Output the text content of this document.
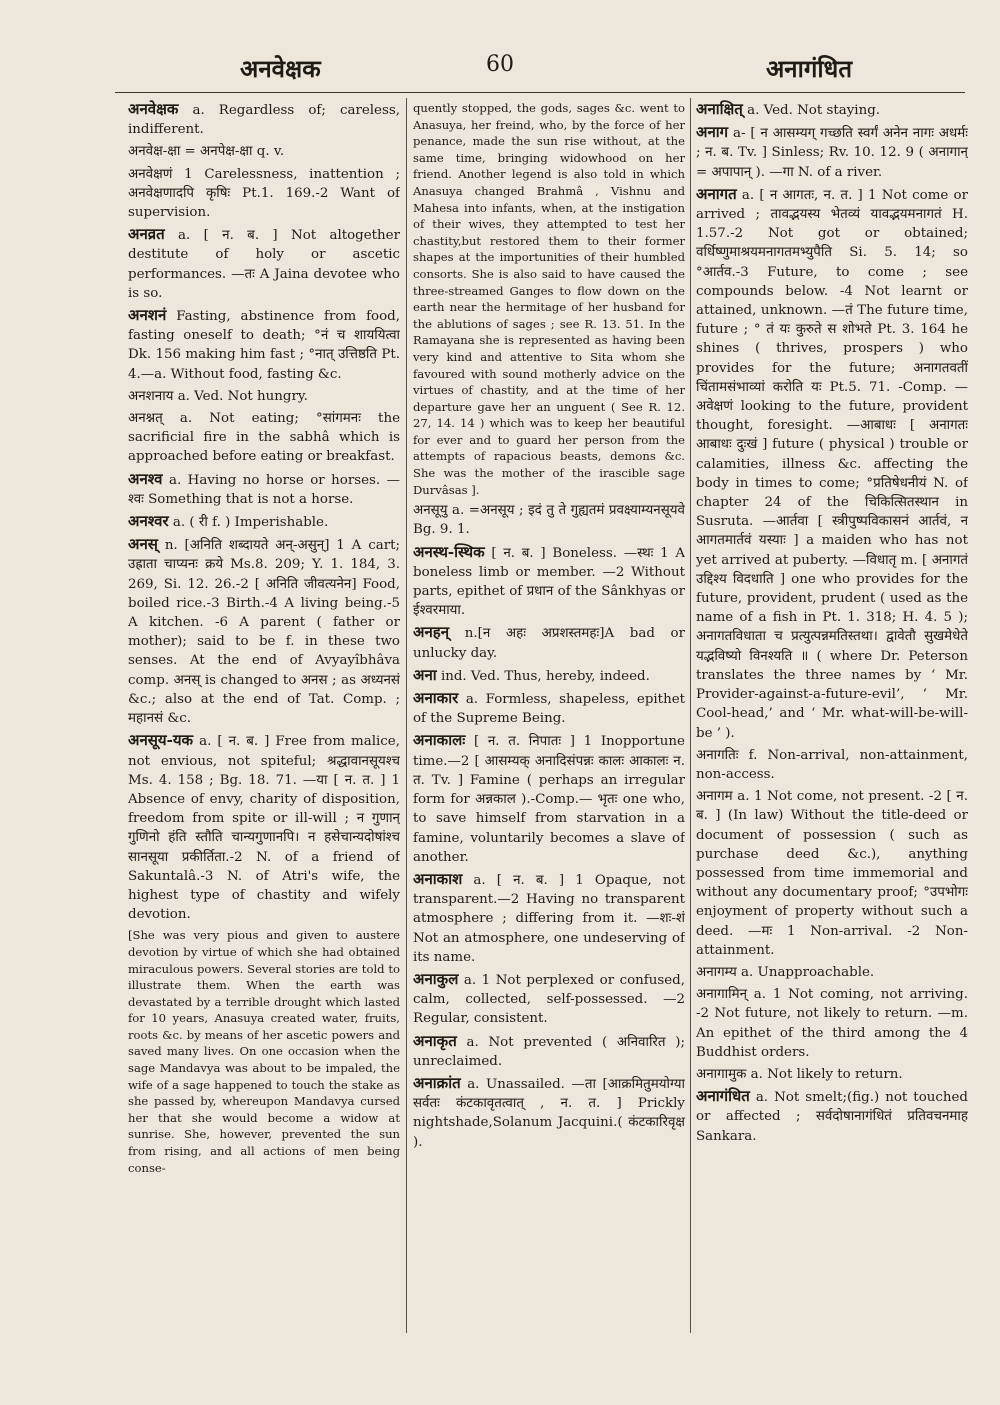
अनवेक्षक	60	अनागंधित

अनवेक्षक a. Regardless of; careless, indifferent.

अनवेक्ष-क्षा = अनपेक्ष-क्षा q. v.

अनवेक्षणं 1 Carelessness, inattention ; अनवेक्षणादपि कृषिः Pt.1. 169.-2 Want of supervision.

अनव्रत a. [ न. ब. ] Not altogether destitute of holy or ascetic performances. —तः A Jaina devotee who is so.

अनशनं Fasting, abstinence from food, fasting oneself to death; °नं च शाययित्वा Dk. 156 making him fast ; °नात् उत्तिष्ठति Pt. 4.—a. Without food, fasting &c.

अनशनाय a. Ved. Not hungry.

अनश्नत् a. Not eating; °सांगमनः the sacrificial fire in the sabhâ which is approached before eating or breakfast.

अनश्व a. Having no horse or horses. —श्वः Something that is not a horse.

अनश्वर a. ( री f. ) Imperishable.

अनस् n. [अनिति शब्दायते अन्-असुन्] 1 A cart; उह्राता चाप्यनः क्रये Ms.8. 209; Y. 1. 184, 3. 269, Si. 12. 26.-2 [ अनिति जीवत्यनेन] Food, boiled rice.-3 Birth.-4 A living being.-5 A kitchen. -6 A parent ( father or mother); said to be f. in these two senses. At the end of Avyayîbhâva comp. अनस् is changed to अनस ; as अध्यनसं &c.; also at the end of Tat. Comp. ; महानसं &c.

अनसूय-यक a. [ न. ब. ] Free from malice, not envious, not spiteful; श्रद्धावानसूयश्च Ms. 4. 158 ; Bg. 18. 71. —या [ न. त. ] 1 Absence of envy, charity of disposition, freedom from spite or ill-will ; न गुणान् गुणिनो हंति स्तौति चान्यगुणानपि। न हसेचान्यदोषांश्च सानसूया प्रकीर्तिता.-2 N. of a friend of Sakuntalâ.-3 N. of Atri's wife, the highest type of chastity and wifely devotion.

[She was very pious and given to austere devotion by virtue of which she had obtained miraculous powers. Several stories are told to illustrate them. When the earth was devastated by a terrible drought which lasted for 10 years, Anasuya created water, fruits, roots &c. by means of her ascetic powers and saved many lives. On one occasion when the sage Mandavya was about to be impaled, the wife of a sage happened to touch the stake as she passed by, whereupon Mandavya cursed her that she would become a widow at sunrise. She, however, prevented the sun from rising, and all actions of men being conse-

quently stopped, the gods, sages &c. went to Anasuya, her freind, who, by the force of her penance, made the sun rise without, at the same time, bringing widowhood on her friend. Another legend is also told in which Anasuya changed Brahmâ , Vishnu and Mahesa into infants, when, at the instigation of their wives, they attempted to test her chastity,but restored them to their former shapes at the importunities of their humbled consorts. She is also said to have caused the three-streamed Ganges to flow down on the earth near the hermitage of her husband for the ablutions of sages ; see R. 13. 51. In the Ramayana she is represented as having been very kind and attentive to Sita whom she favoured with sound motherly advice on the virtues of chastity, and at the time of her departure gave her an unguent ( See R. 12. 27, 14. 14 ) which was to keep her beautiful for ever and to guard her person from the attempts of rapacious beasts, demons &c. She was the mother of the irascible sage Durvâsas ].

अनसूयु a. =अनसूय ; इदं तु ते गुह्यतमं प्रवक्ष्याम्यनसूयवे Bg. 9. 1.

अनस्थ-स्थिक [ न. ब. ] Boneless. —स्थः 1 A boneless limb or member. —2 Without parts, epithet of प्रधान of the Sânkhyas or ईश्वरमाया.

अनहन् n.[न अहः अप्रशस्तमहः]A bad or unlucky day.

अना ind. Ved. Thus, hereby, indeed.

अनाकार a. Formless, shapeless, epithet of the Supreme Being.

अनाकालः [ न. त. निपातः ] 1 Inopportune time.—2 [ आसम्यक् अनादिसंपन्नः कालः आकालः न. त. Tv. ] Famine ( perhaps an irregular form for अन्नकाल ).-Comp.— भृतः one who, to save himself from starvation in a famine, voluntarily becomes a slave of another.

अनाकाश a. [ न. ब. ] 1 Opaque, not transparent.—2 Having no transparent atmosphere ; differing from it. —शः-शं Not an atmosphere, one undeserving of its name.

अनाकुल a. 1 Not perplexed or confused, calm, collected, self-possessed. —2 Regular, consistent.

अनाकृत a. Not prevented ( अनिवारित ); unreclaimed.

अनाक्रांत a. Unassailed. —ता [आक्रमितुमयोग्या सर्वतः कंटकावृतत्वात् , न. त. ] Prickly nightshade,Solanum Jacquini.( कंटकारिवृक्ष ).

अनाक्षित् a. Ved. Not staying.

अनाग a- [ न आसम्यग् गच्छति स्वर्गं अनेन नागः अधर्मः ; न. ब. Tv. ] Sinless; Rv. 10. 12. 9 ( अनागान् = अपापान् ). —गा N. of a river.

अनागत a. [ न आगतः, न. त. ] 1 Not come or arrived ; तावद्भयस्य भेतव्यं यावद्भयमनागतं H. 1.57.-2 Not got or obtained; वर्धिष्णुमाश्रयमनागतमभ्युपैति Si. 5. 14; so °आर्तव.-3 Future, to come ; see compounds below. -4 Not learnt or attained, unknown. —तं The future time, future ; ° तं यः कुरुते स शोभते Pt. 3. 164 he shines ( thrives, prospers ) who provides for the future; अनागतवतीं चिंतामसंभाव्यां करोति यः Pt.5. 71. -Comp. —अवेक्षणं looking to the future, provident thought, foresight. —आबाधः [ अनागतः आबाधः दुःखं ] future ( physical ) trouble or calamities, illness &c. affecting the body in times to come; °प्रतिषेधनीयं N. of chapter 24 of the चिकित्सितस्थान in Susruta. —आर्तवा [ स्त्रीपुष्पविकासनं आर्तवं, न आगतमार्तवं यस्याः ] a maiden who has not yet arrived at puberty. —विधातृ m. [ अनागतं उद्दिश्य विदधाति ] one who provides for the future, provident, prudent ( used as the name of a fish in Pt. 1. 318; H. 4. 5 ); अनागतविधाता च प्रत्युत्पन्नमतिस्तथा। द्वावेतौ सुखमेधेते यद्भविष्यो विनश्यति ॥ ( where Dr. Peterson translates the three names by ‘ Mr. Provider-against-a-future-evil’, ‘ Mr. Cool-head,’ and ‘ Mr. what-will-be-will-be ’ ).

अनागतिः f. Non-arrival, non-attainment, non-access.

अनागम a. 1 Not come, not present. -2 [ न. ब. ] (In law) Without the title-deed or document of possession ( such as purchase deed &c.), anything possessed from time immemorial and without any documentary proof; °उपभोगः enjoyment of property without such a deed. —मः 1 Non-arrival. -2 Non-attainment.

अनागम्य a. Unapproachable.

अनागामिन् a. 1 Not coming, not arriving. -2 Not future, not likely to return. —m. An epithet of the third among the 4 Buddhist orders.

अनागामुक a. Not likely to return.

अनागंधित a. Not smelt;(fig.) not touched or affected ; सर्वदोषानागंधितं प्रतिवचनमाह Sankara.
